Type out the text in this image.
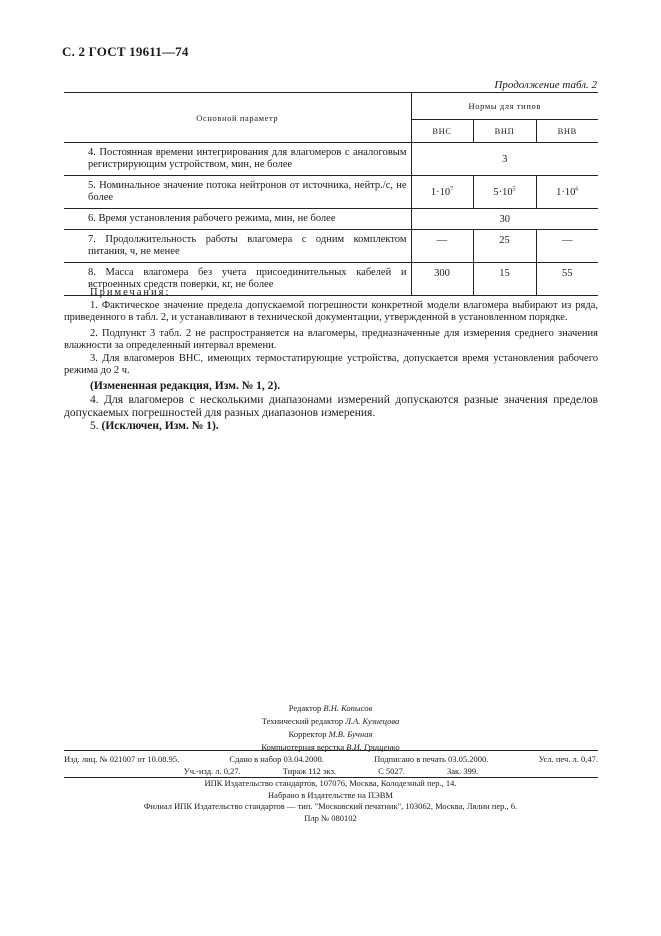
С. 2 ГОСТ 19611—74
Продолжение табл. 2
Основной параметр	Нормы для типов		
	ВНС	ВНП	ВНВ

4. Постоянная времени интегрирования для влагомеров с аналоговым регистрирующим устройством, мин, не более	3		

5. Номинальное значение потока нейтронов от источника, нейтр./с, не более	$1\cdot 10^7$	$5\cdot 10^5$	$1\cdot 10^6$

6. Время установления рабочего режима, мин, не более	30		

7. Продолжительность работы влагомера с одним комплектом питания, ч, не менее	—	25	—

8. Масса влагомера без учета присоединительных кабелей и встроенных средств поверки, кг, не более	300	15	55

Примечания:

1. Фактическое значение предела допускаемой погрешности конкретной модели влагомера выбирают из ряда, приведенного в табл. 2, и устанавливают в технической документации, утвержденной в установленном порядке.

2. Подпункт 3 табл. 2 не распространяется на влагомеры, предназначенные для измерения среднего значения влажности за определенный интервал времени.

3. Для влагомеров ВНС, имеющих термостатирующие устройства, допускается время установления рабочего режима до 2 ч.

(Измененная редакция, Изм. № 1, 2).

4. Для влагомеров с несколькими диапазонами измерений допускаются разные значения пределов допускаемых погрешностей для разных диапазонов измерения.

5. (Исключен, Изм. № 1).

Редактор В.Н. Копысов
Технический редактор Л.А. Кузнецова
Корректор М.В. Бучная
Компьютерная верстка В.И. Грищенко
Изд. лиц. № 021007 от 10.08.95.	Сдано в набор 03.04.2000.	Подписано в печать 03.05.2000.	Усл. печ. л. 0,47.
Уч.-изд. л. 0,27.	Тираж 112 экз.	С 5027.	Зак. 399.
ИПК Издательство стандартов, 107076, Москва, Колодезный пер., 14.
Набрано в Издательстве на ПЭВМ
Филиал ИПК Издательство стандартов — тип. "Московский печатник", 103062, Москва, Лялин пер., 6.
Плр № 080102
